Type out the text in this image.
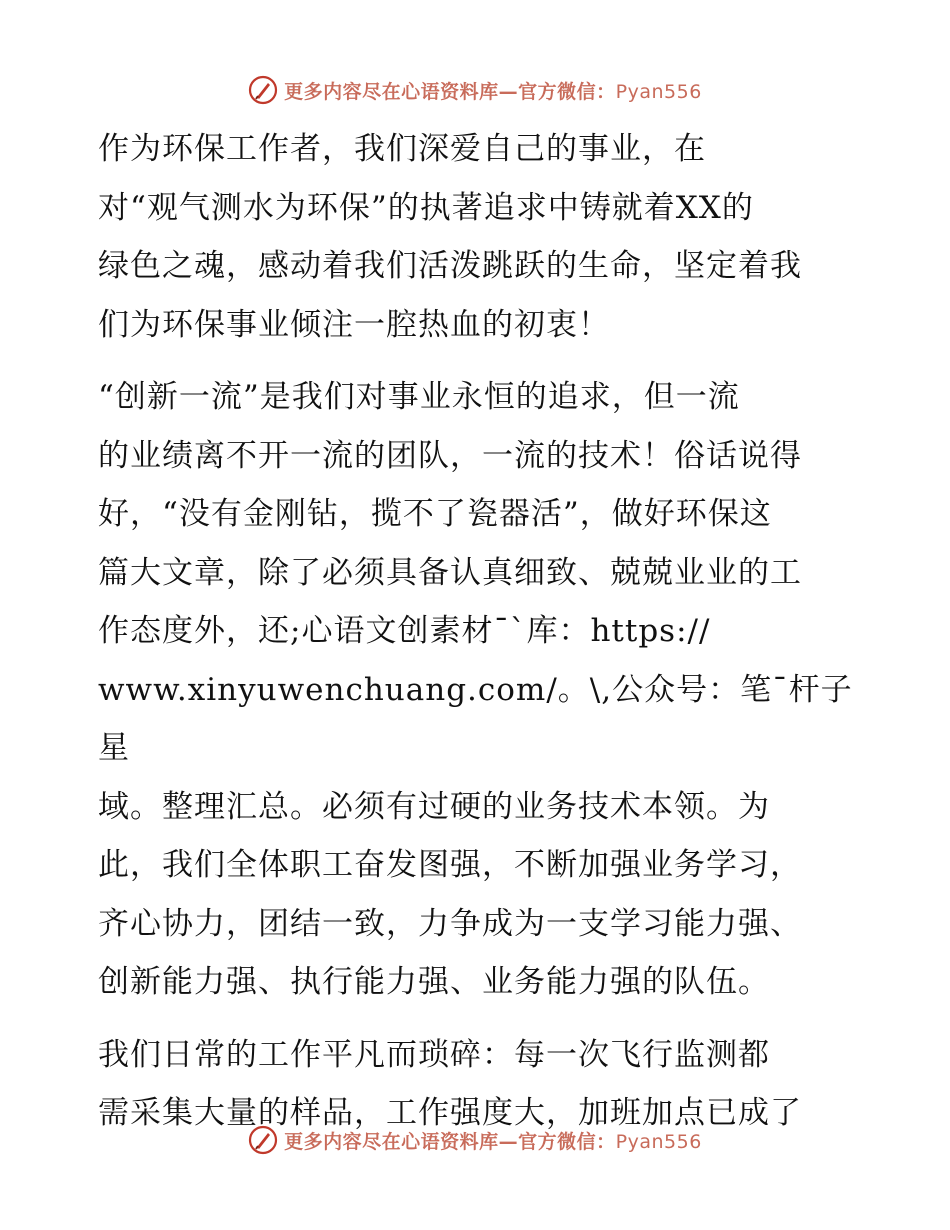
更多内容尽在心语资料库—官方微信：Pyan556

作为环保工作者，我们深爱自己的事业，在
对“观气测水为环保”的执著追求中铸就着XX的
绿色之魂，感动着我们活泼跳跃的生命，坚定着我
们为环保事业倾注一腔热血的初衷！

“创新一流”是我们对事业永恒的追求，但一流
的业绩离不开一流的团队，一流的技术！俗话说得
好，“没有金刚钻，揽不了瓷器活”，做好环保这
篇大文章，除了必须具备认真细致、兢兢业业的工
作态度外，还;心语文创素材¯`库：https://
www.xinyuwenchuang.com/。\,公众号：笔¯杆子星
域。整理汇总。必须有过硬的业务技术本领。为
此，我们全体职工奋发图强，不断加强业务学习，
齐心协力，团结一致，力争成为一支学习能力强、
创新能力强、执行能力强、业务能力强的队伍。

我们日常的工作平凡而琐碎：每一次飞行监测都
需采集大量的样品，工作强度大，加班加点已成了

更多内容尽在心语资料库—官方微信：Pyan556
